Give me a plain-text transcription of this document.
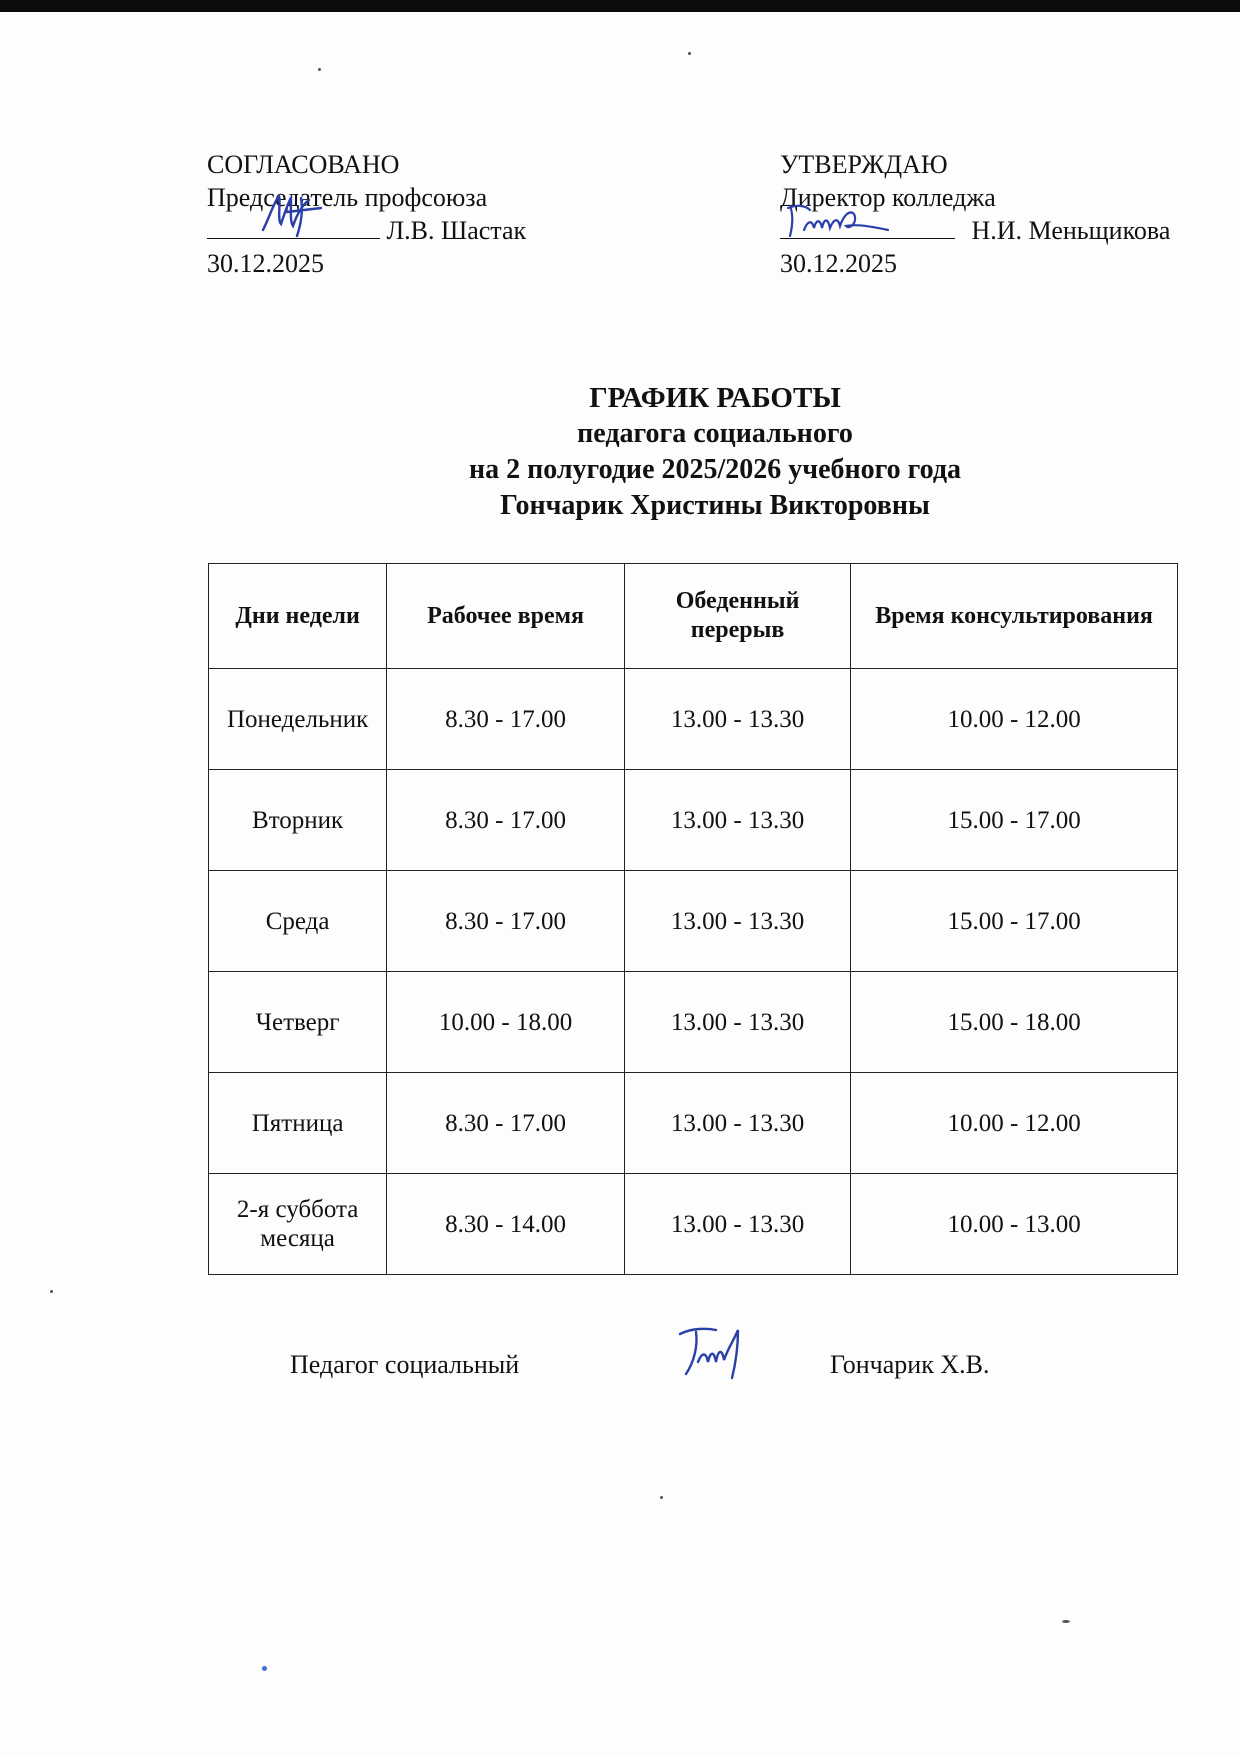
СОГЛАСОВАНО
Председатель профсоюза
Л.В. Шастак
30.12.2025
УТВЕРЖДАЮ
Директор колледжа
Н.И. Меньщикова
30.12.2025
ГРАФИК РАБОТЫ
педагога социального
на 2 полугодие 2025/2026 учебного года
Гончарик Христины Викторовны
Дни недели	Рабочее время	Обеденный перерыв	Время консультирования
Понедельник	8.30 - 17.00	13.00 - 13.30	10.00 - 12.00
Вторник	8.30 - 17.00	13.00 - 13.30	15.00 - 17.00
Среда	8.30 - 17.00	13.00 - 13.30	15.00 - 17.00
Четверг	10.00 - 18.00	13.00 - 13.30	15.00 - 18.00
Пятница	8.30 - 17.00	13.00 - 13.30	10.00 - 12.00
2-я суббота месяца	8.30 - 14.00	13.00 - 13.30	10.00 - 13.00
Педагог социальный	Гончарик Х.В.
